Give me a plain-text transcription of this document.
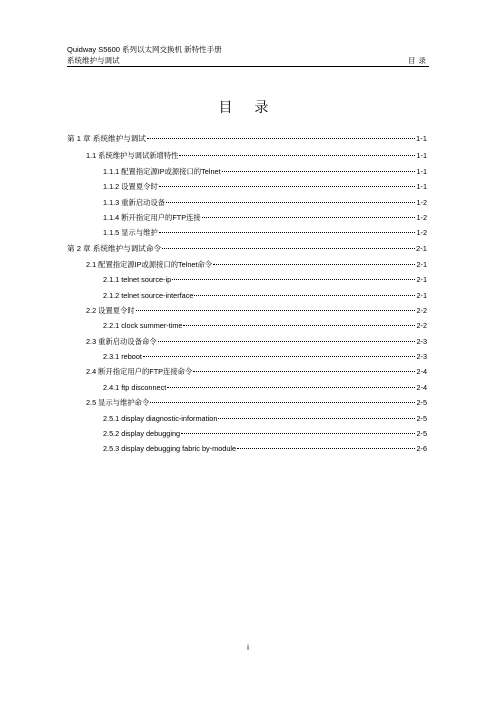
Quidway S5600 系列以太网交换机 新特性手册
系统维护与调试	目录
目 录
第 1 章 系统维护与调试	1-1
1.1 系统维护与调试新增特性	1-1
1.1.1 配置指定源IP或源接口的Telnet	1-1
1.1.2 设置夏令时	1-1
1.1.3 重新启动设备	1-2
1.1.4 断开指定用户的FTP连接	1-2
1.1.5 显示与维护	1-2
第 2 章 系统维护与调试命令	2-1
2.1 配置指定源IP或源接口的Telnet命令	2-1
2.1.1 telnet source-ip	2-1
2.1.2 telnet source-interface	2-1
2.2 设置夏令时	2-2
2.2.1 clock summer-time	2-2
2.3 重新启动设备命令	2-3
2.3.1 reboot	2-3
2.4 断开指定用户的FTP连接命令	2-4
2.4.1 ftp disconnect	2-4
2.5 显示与维护命令	2-5
2.5.1 display diagnostic-information	2-5
2.5.2 display debugging	2-5
2.5.3 display debugging fabric by-module	2-6
i
